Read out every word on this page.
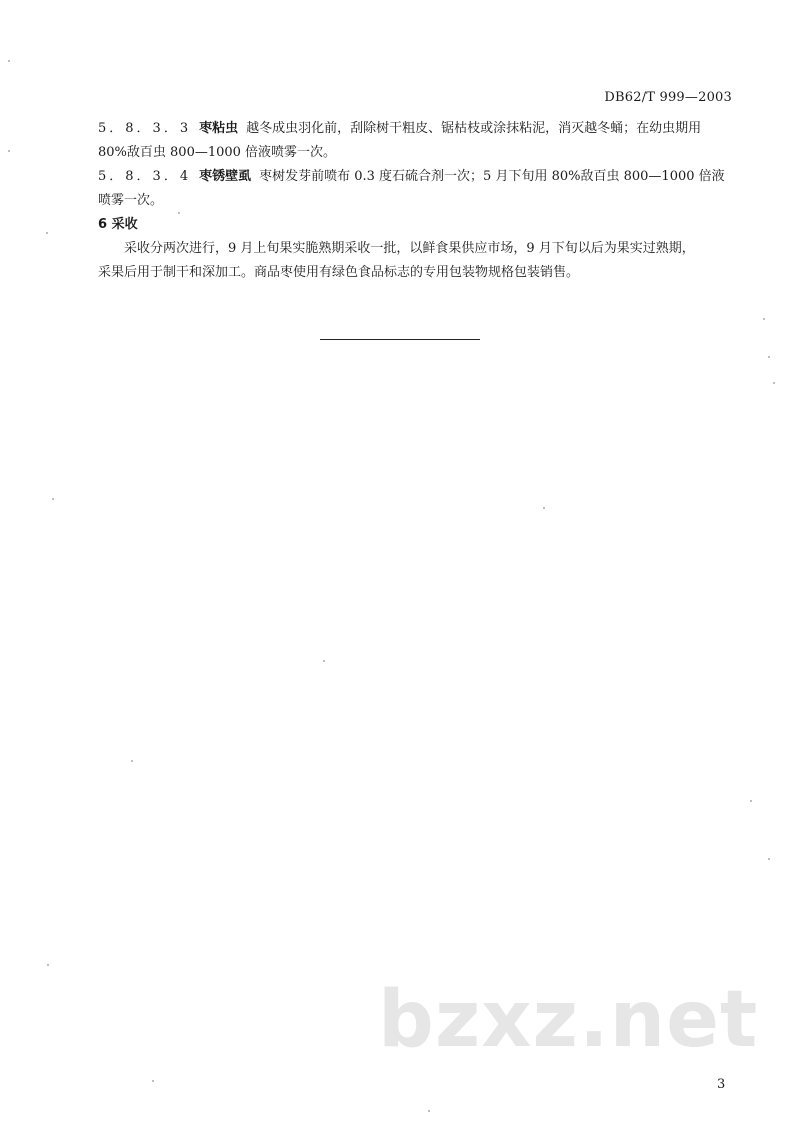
DB62/T 999—2003

5．8．3．3 枣粘虫 越冬成虫羽化前，刮除树干粗皮、锯枯枝或涂抹粘泥，消灭越冬蛹；在幼虫期用

80%敌百虫 800—1000 倍液喷雾一次。

5．8．3．4 枣锈壁虱 枣树发芽前喷布 0.3 度石硫合剂一次；5 月下旬用 80%敌百虫 800—1000 倍液

喷雾一次。

6 采收

采收分两次进行，9 月上旬果实脆熟期采收一批，以鲜食果供应市场，9 月下旬以后为果实过熟期，

采果后用于制干和深加工。商品枣使用有绿色食品标志的专用包装物规格包装销售。

bzxz.net
3
